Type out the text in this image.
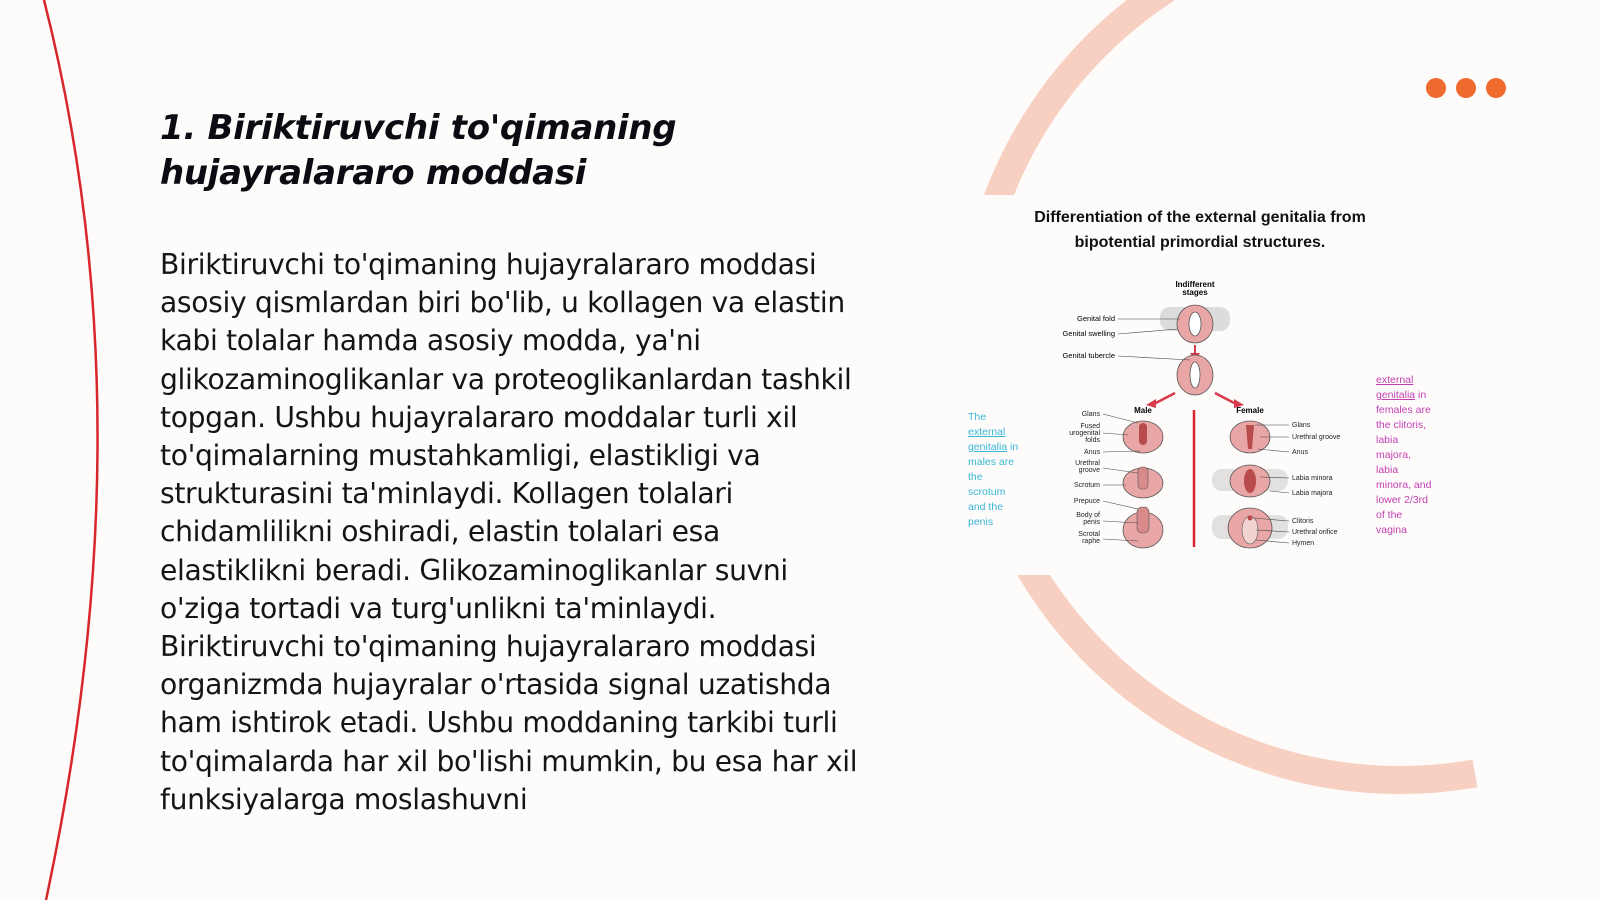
1. Biriktiruvchi to'qimaning
hujayralararo moddasi

Biriktiruvchi to'qimaning hujayralararo moddasi asosiy qismlardan biri bo'lib, u kollagen va elastin kabi tolalar hamda asosiy modda, ya'ni glikozaminoglikanlar va proteoglikanlardan tashkil topgan. Ushbu hujayralararo moddalar turli xil to'qimalarning mustahkamligi, elastikligi va strukturasini ta'minlaydi. Kollagen tolalari chidamlilikni oshiradi, elastin tolalari esa elastiklikni beradi. Glikozaminoglikanlar suvni o'ziga tortadi va turg'unlikni ta'minlaydi. Biriktiruvchi to'qimaning hujayralararo moddasi organizmda hujayralar o'rtasida signal uzatishda ham ishtirok etadi. Ushbu moddaning tarkibi turli to'qimalarda har xil bo'lishi mumkin, bu esa har xil funksiyalarga moslashuvni

Indifferent
stages
Genital fold
Genital swelling
Genital tubercle
Male	Female
Glans
Fused
urogenital
folds
Anus
Urethral
groove
Scrotum
Prepuce
Body of
penis
Scrotal
raphe
Glans
Urethral groove
Anus
Labia minora
Labia majora
Clitoris
Urethral orifice
Hymen
Differentiation of the external genitalia from
bipotential primordial structures.
The external genitalia in males are the scrotum and the penis
external genitalia in females are the clitoris, labia majora, labia minora, and lower 2/3rd of the vagina
